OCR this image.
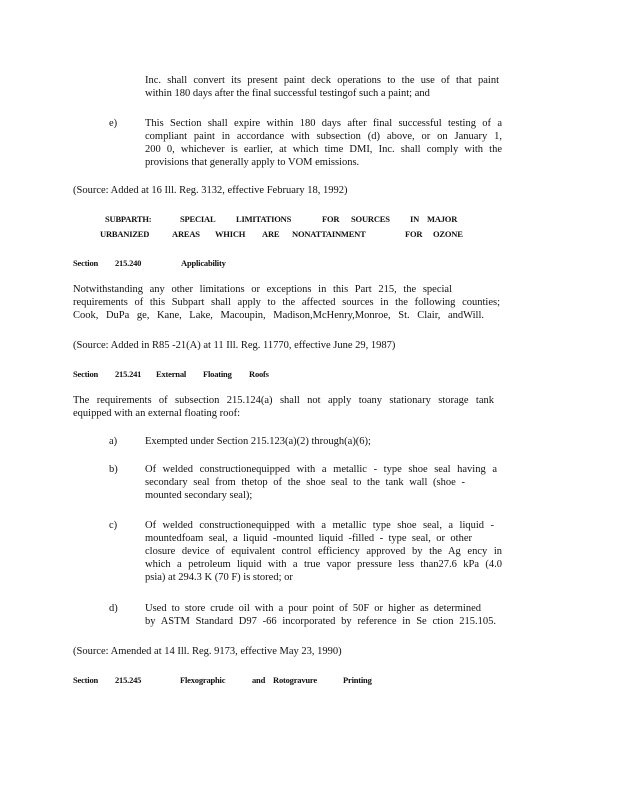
Inc. shall convert its present paint deck operations to the use of that paint
within 180 days after the final successful testingof such a paint; and
e)	This Section shall expire within 180 days after final successful testing of a
compliant paint in accordance with subsection (d) above, or on January 1,
200 0, whichever is earlier, at which time DMI, Inc. shall comply with the
provisions that generally apply to VOM emissions.
(Source: Added at 16 Ill. Reg. 3132, effective February 18, 1992)
SUBPARTH:	SPECIAL LIMITATIONS	FOR SOURCES IN MAJOR
URBANIZED	AREAS WHICH ARE NONATTAINMENT	FOR OZONE
Section 215.240	Applicability
Notwithstanding any other limitations or exceptions in this Part 215, the special
requirements of this Subpart shall apply to the affected sources in the following counties;
Cook, DuPa ge, Kane, Lake, Macoupin, Madison,McHenry,Monroe, St. Clair, andWill.
(Source: Added in R85 -21(A) at 11 Ill. Reg. 11770, effective June 29, 1987)
Section 215.241 External Floating Roofs
The requirements of subsection 215.124(a) shall not apply toany stationary storage tank
equipped with an external floating roof:
a)	Exempted under Section 215.123(a)(2) through(a)(6);
b)	Of welded constructionequipped with a metallic - type shoe seal having a
secondary seal from thetop of the shoe seal to the tank wall (shoe -
mounted secondary seal);
c)	Of welded constructionequipped with a metallic type shoe seal, a liquid -
mountedfoam seal, a liquid -mounted liquid -filled - type seal, or other
closure device of equivalent control efficiency approved by the Ag ency in
which a petroleum liquid with a true vapor pressure less than27.6 kPa (4.0
psia) at 294.3 K (70 F) is stored; or
d)	Used to store crude oil with a pour point of 50F or higher as determined
by ASTM Standard D97 -66 incorporated by reference in Se ction 215.105.
(Source: Amended at 14 Ill. Reg. 9173, effective May 23, 1990)
Section 215.245	Flexographic	and Rotogravure	Printing
